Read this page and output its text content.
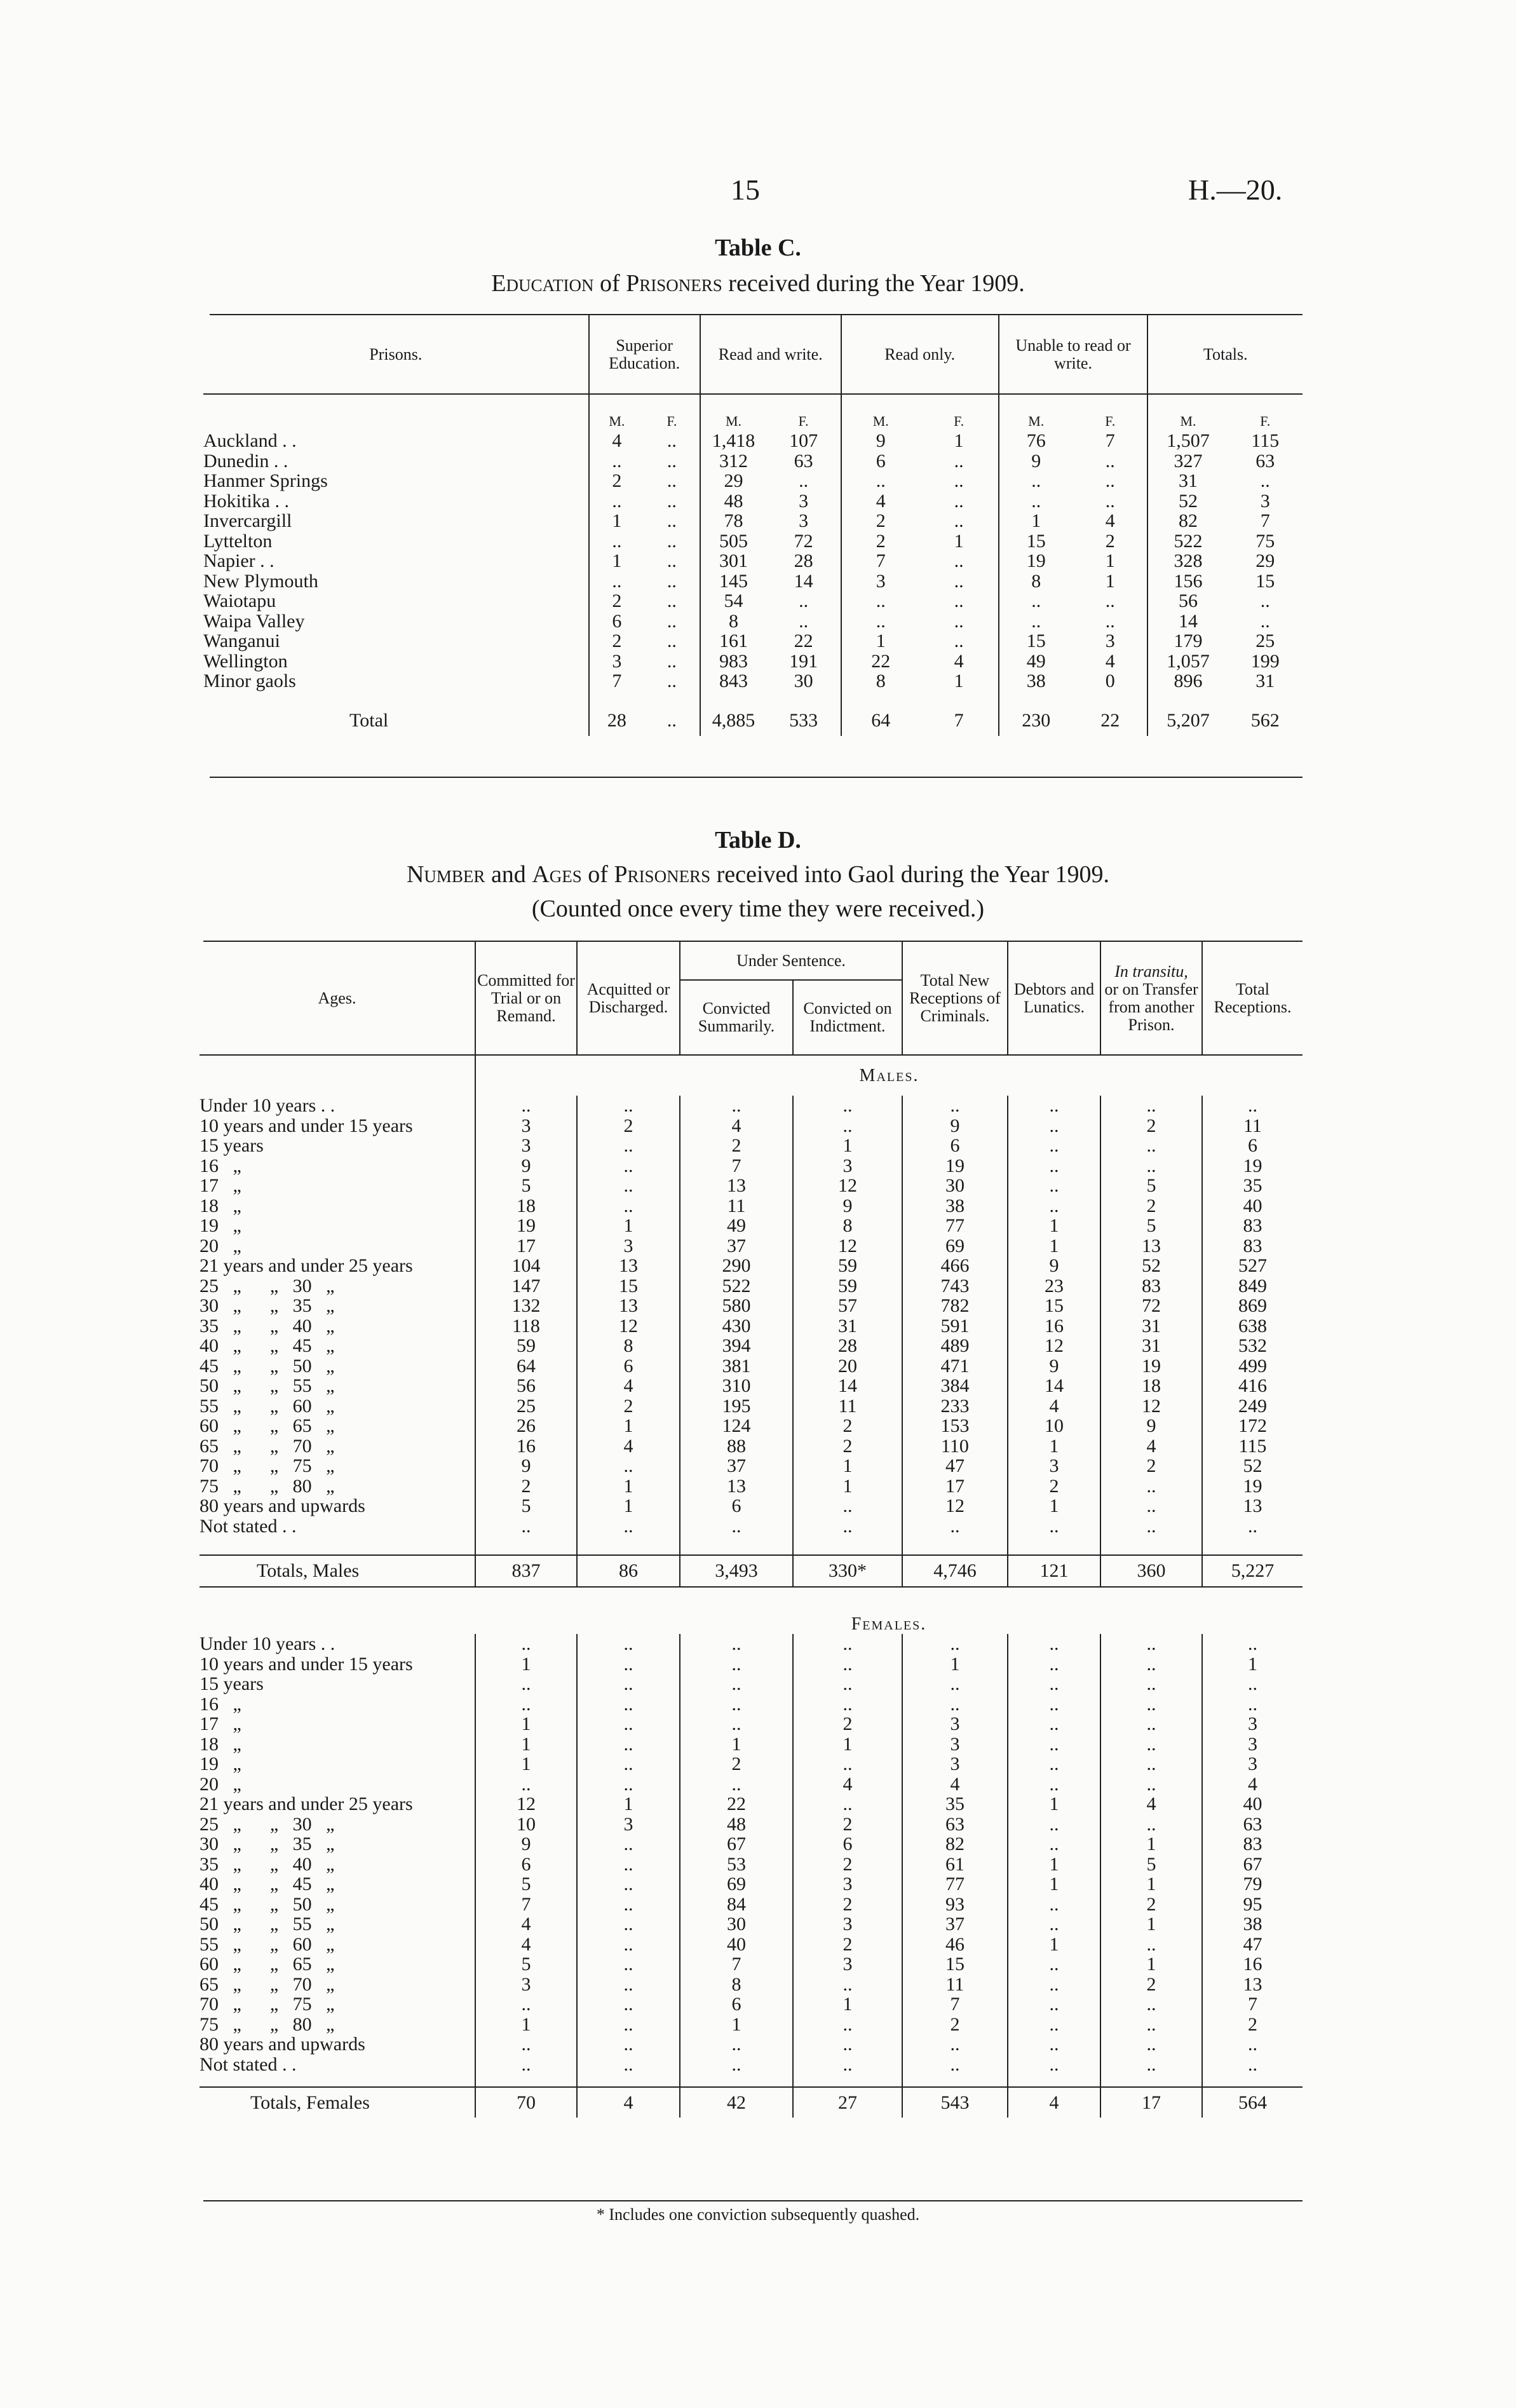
15	H.—20.
Table C.
Education of Prisoners received during the Year 1909.
Prisons.	Superior Education.		Read and write.		Read only.		Unable to read or write.		Totals.	
	M.	F.	M.	F.	M.	F.	M.	F.	M.	F.
Auckland . .	4	..	1,418	107	9	1	76	7	1,507	115
Dunedin . .	..	..	312	63	6	..	9	..	327	63
Hanmer Springs	2	..	29	..	..	..	..	..	31	..
Hokitika . .	..	..	48	3	4	..	..	..	52	3
Invercargill	1	..	78	3	2	..	1	4	82	7
Lyttelton	..	..	505	72	2	1	15	2	522	75
Napier . .	1	..	301	28	7	..	19	1	328	29
New Plymouth	..	..	145	14	3	..	8	1	156	15
Waiotapu	2	..	54	..	..	..	..	..	56	..
Waipa Valley	6	..	8	..	..	..	..	..	14	..
Wanganui	2	..	161	22	1	..	15	3	179	25
Wellington	3	..	983	191	22	4	49	4	1,057	199
Minor gaols	7	..	843	30	8	1	38	0	896	31

Total	28	..	4,885	533	64	7	230	22	5,207	562
Table D.
Number and Ages of Prisoners received into Gaol during the Year 1909.
(Counted once every time they were received.)
Ages.	Committed for Trial or on Remand.	Acquitted or Discharged.	Under Sentence.		Total New Receptions of Criminals.	Debtors and Lunatics.	In transitu,
or on Transfer from another Prison.	Total Receptions.
			Convicted Summarily.	Convicted on Indictment.				
	Males.							
Under 10 years . .	..	..	..	..	..	..	..	..
10 years and under 15 years	3	2	4	..	9	..	2	11
15 years	3	..	2	1	6	..	..	6
16   „	9	..	7	3	19	..	..	19
17   „	5	..	13	12	30	..	5	35
18   „	18	..	11	9	38	..	2	40
19   „	19	1	49	8	77	1	5	83
20   „	17	3	37	12	69	1	13	83
21 years and under 25 years	104	13	290	59	466	9	52	527
25   „      „   30   „	147	15	522	59	743	23	83	849
30   „      „   35   „	132	13	580	57	782	15	72	869
35   „      „   40   „	118	12	430	31	591	16	31	638
40   „      „   45   „	59	8	394	28	489	12	31	532
45   „      „   50   „	64	6	381	20	471	9	19	499
50   „      „   55   „	56	4	310	14	384	14	18	416
55   „      „   60   „	25	2	195	11	233	4	12	249
60   „      „   65   „	26	1	124	2	153	10	9	172
65   „      „   70   „	16	4	88	2	110	1	4	115
70   „      „   75   „	9	..	37	1	47	3	2	52
75   „      „   80   „	2	1	13	1	17	2	..	19
80 years and upwards	5	1	6	..	12	1	..	13
Not stated . .	..	..	..	..	..	..	..	..

Totals, Males	837	86	3,493	330*	4,746	121	360	5,227
	Females.							
Under 10 years . .	..	..	..	..	..	..	..	..
10 years and under 15 years	1	..	..	..	1	..	..	1
15 years	..	..	..	..	..	..	..	..
16   „	..	..	..	..	..	..	..	..
17   „	1	..	..	2	3	..	..	3
18   „	1	..	1	1	3	..	..	3
19   „	1	..	2	..	3	..	..	3
20   „	..	..	..	4	4	..	..	4
21 years and under 25 years	12	1	22	..	35	1	4	40
25   „      „   30   „	10	3	48	2	63	..	..	63
30   „      „   35   „	9	..	67	6	82	..	1	83
35   „      „   40   „	6	..	53	2	61	1	5	67
40   „      „   45   „	5	..	69	3	77	1	1	79
45   „      „   50   „	7	..	84	2	93	..	2	95
50   „      „   55   „	4	..	30	3	37	..	1	38
55   „      „   60   „	4	..	40	2	46	1	..	47
60   „      „   65   „	5	..	7	3	15	..	1	16
65   „      „   70   „	3	..	8	..	11	..	2	13
70   „      „   75   „	..	..	6	1	7	..	..	7
75   „      „   80   „	1	..	1	..	2	..	..	2
80 years and upwards	..	..	..	..	..	..	..	..
Not stated . .	..	..	..	..	..	..	..	..

Totals, Females	70	4	42	27	543	4	17	564
* Includes one conviction subsequently quashed.
